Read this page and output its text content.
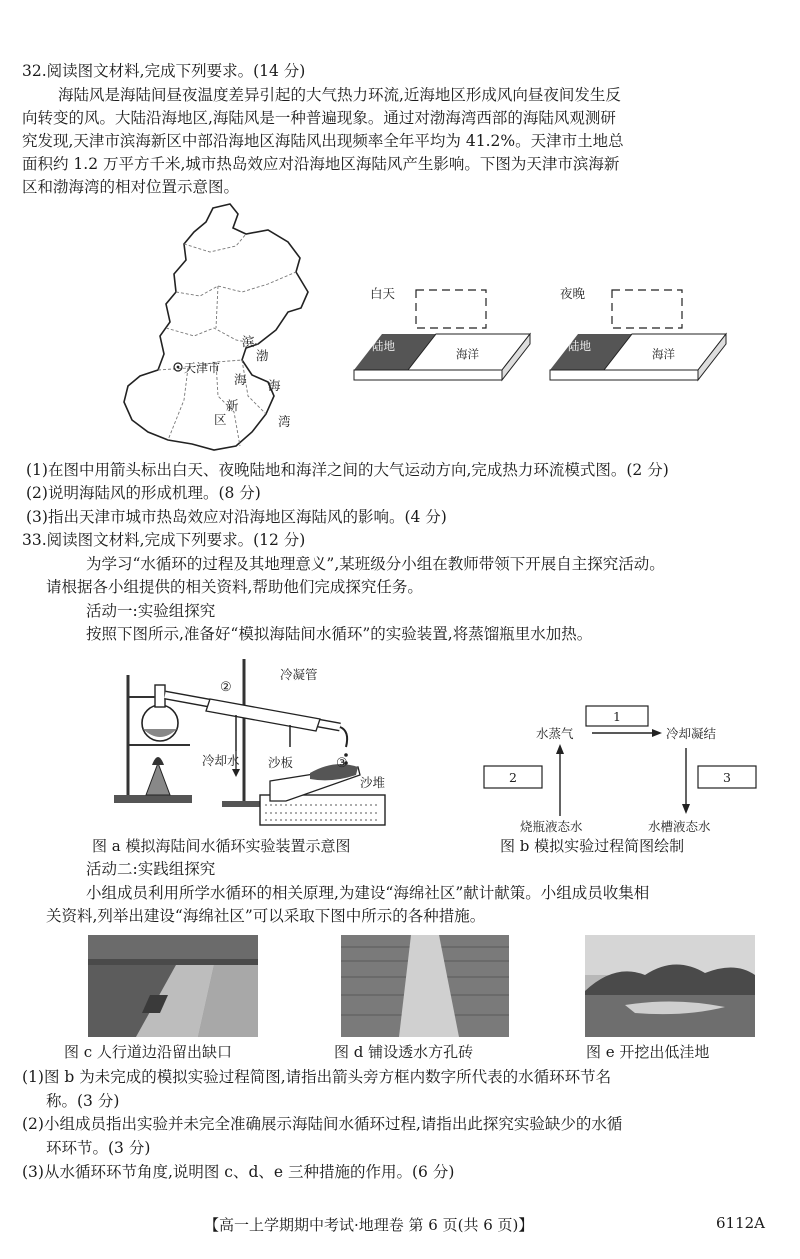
32.阅读图文材料,完成下列要求。(14 分)
海陆风是海陆间昼夜温度差异引起的大气热力环流,近海地区形成风向昼夜间发生反
向转变的风。大陆沿海地区,海陆风是一种普遍现象。通过对渤海湾西部的海陆风观测研
究发现,天津市滨海新区中部沿海地区海陆风出现频率全年平均为 41.2%。天津市土地总
面积约 1.2 万平方千米,城市热岛效应对沿海地区海陆风产生影响。下图为天津市滨海新
区和渤海湾的相对位置示意图。
天津市
渤
海
湾
滨
海
新
区
白天
陆地
海洋
夜晚
陆地
海洋
(1)在图中用箭头标出白天、夜晚陆地和海洋之间的大气运动方向,完成热力环流模式图。(2 分)
(2)说明海陆风的形成机理。(8 分)
(3)指出天津市城市热岛效应对沿海地区海陆风的影响。(4 分)
33.阅读图文材料,完成下列要求。(12 分)
为学习“水循环的过程及其地理意义”,某班级分小组在教师带领下开展自主探究活动。
请根据各小组提供的相关资料,帮助他们完成探究任务。
活动一:实验组探究
按照下图所示,准备好“模拟海陆间水循环”的实验装置,将蒸馏瓶里水加热。
①
②
③
冷凝管
冷却水 沙板
沙堆
1
水蒸气	冷却凝结
2	3
烧瓶液态水	水槽液态水
图 a 模拟海陆间水循环实验装置示意图	图 b 模拟实验过程简图绘制
活动二:实践组探究
小组成员利用所学水循环的相关原理,为建设“海绵社区”献计献策。小组成员收集相
关资料,列举出建设“海绵社区”可以采取下图中所示的各种措施。
图 c 人行道边沿留出缺口	图 d 铺设透水方孔砖	图 e 开挖出低洼地
(1)图 b 为未完成的模拟实验过程简图,请指出箭头旁方框内数字所代表的水循环环节名
称。(3 分)
(2)小组成员指出实验并未完全准确展示海陆间水循环过程,请指出此探究实验缺少的水循
环环节。(3 分)
(3)从水循环环节角度,说明图 c、d、e 三种措施的作用。(6 分)
【高一上学期期中考试·地理卷 第 6 页(共 6 页)】	6112A
